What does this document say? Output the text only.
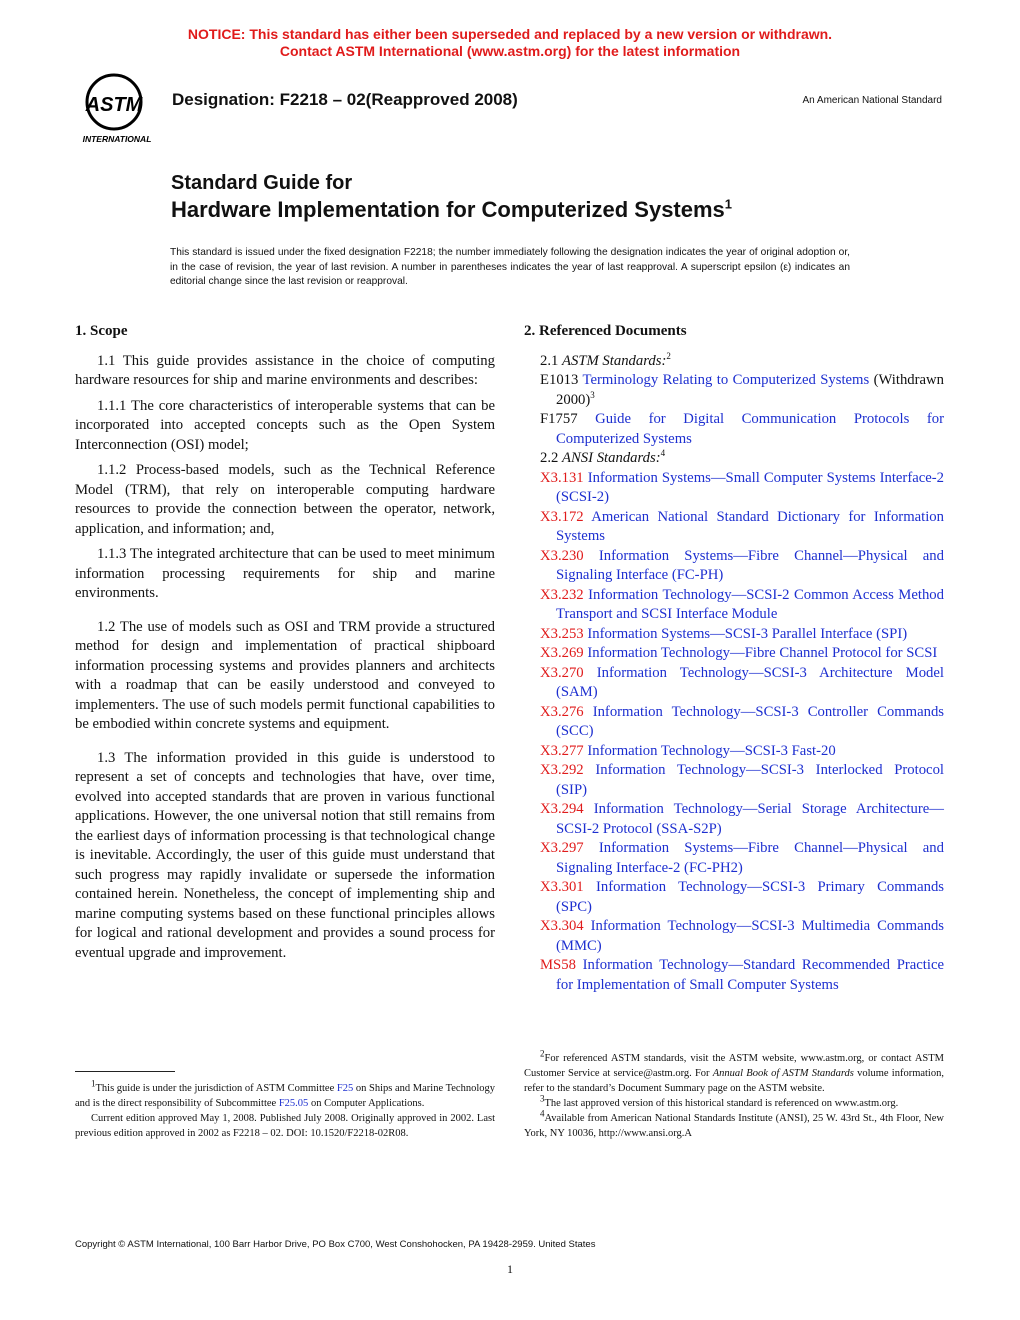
NOTICE: This standard has either been superseded and replaced by a new version or withdrawn.
Contact ASTM International (www.astm.org) for the latest information
ASTM
INTERNATIONAL
Designation: F2218 – 02(Reapproved 2008)	An American National Standard
Standard Guide for
Hardware Implementation for Computerized Systems$^1$
This standard is issued under the fixed designation F2218; the number immediately following the designation indicates the year of original adoption or, in the case of revision, the year of last revision. A number in parentheses indicates the year of last reapproval. A superscript epsilon (ε) indicates an editorial change since the last revision or reapproval.
1. Scope

1.1 This guide provides assistance in the choice of computing hardware resources for ship and marine environments and describes:

1.1.1 The core characteristics of interoperable systems that can be incorporated into accepted concepts such as the Open System Interconnection (OSI) model;

1.1.2 Process-based models, such as the Technical Reference Model (TRM), that rely on interoperable computing hardware resources to provide the connection between the operator, network, application, and information; and,

1.1.3 The integrated architecture that can be used to meet minimum information processing requirements for ship and marine environments.

1.2 The use of models such as OSI and TRM provide a structured method for design and implementation of practical shipboard information processing systems and provides planners and architects with a roadmap that can be easily understood and conveyed to implementers. The use of such models permit functional capabilities to be embodied within concrete systems and equipment.

1.3 The information provided in this guide is understood to represent a set of concepts and technologies that have, over time, evolved into accepted standards that are proven in various functional applications. However, the one universal notion that still remains from the earliest days of information processing is that technological change is inevitable. Accordingly, the user of this guide must understand that such progress may rapidly invalidate or supersede the information contained herein. Nonetheless, the concept of implementing ship and marine computing systems based on these functional principles allows for logical and rational development and provides a sound process for eventual upgrade and improvement.

2. Referenced Documents
2.1 ASTM Standards:$^2$
E1013 Terminology Relating to Computerized Systems (Withdrawn 2000)$^3$
F1757 Guide for Digital Communication Protocols for Computerized Systems
2.2 ANSI Standards:$^4$
X3.131 Information Systems—Small Computer Systems Interface-2 (SCSI-2)
X3.172 American National Standard Dictionary for Information Systems
X3.230 Information Systems—Fibre Channel—Physical and Signaling Interface (FC-PH)
X3.232 Information Technology—SCSI-2 Common Access Method Transport and SCSI Interface Module
X3.253 Information Systems—SCSI-3 Parallel Interface (SPI)
X3.269 Information Technology—Fibre Channel Protocol for SCSI
X3.270 Information Technology—SCSI-3 Architecture Model (SAM)
X3.276 Information Technology—SCSI-3 Controller Commands (SCC)
X3.277 Information Technology—SCSI-3 Fast-20
X3.292 Information Technology—SCSI-3 Interlocked Protocol (SIP)
X3.294 Information Technology—Serial Storage Architecture—SCSI-2 Protocol (SSA-S2P)
X3.297 Information Systems—Fibre Channel—Physical and Signaling Interface-2 (FC-PH2)
X3.301 Information Technology—SCSI-3 Primary Commands (SPC)
X3.304 Information Technology—SCSI-3 Multimedia Commands (MMC)
MS58 Information Technology—Standard Recommended Practice for Implementation of Small Computer Systems

$^1$This guide is under the jurisdiction of ASTM Committee F25 on Ships and Marine Technology and is the direct responsibility of Subcommittee F25.05 on Computer Applications.

Current edition approved May 1, 2008. Published July 2008. Originally approved in 2002. Last previous edition approved in 2002 as F2218 – 02. DOI: 10.1520/F2218-02R08.

$^2$For referenced ASTM standards, visit the ASTM website, www.astm.org, or contact ASTM Customer Service at service@astm.org. For Annual Book of ASTM Standards volume information, refer to the standard’s Document Summary page on the ASTM website.

$^3$The last approved version of this historical standard is referenced on www.astm.org.

$^4$Available from American National Standards Institute (ANSI), 25 W. 43rd St., 4th Floor, New York, NY 10036, http://www.ansi.org.A

Copyright © ASTM International, 100 Barr Harbor Drive, PO Box C700, West Conshohocken, PA 19428-2959. United States
1
